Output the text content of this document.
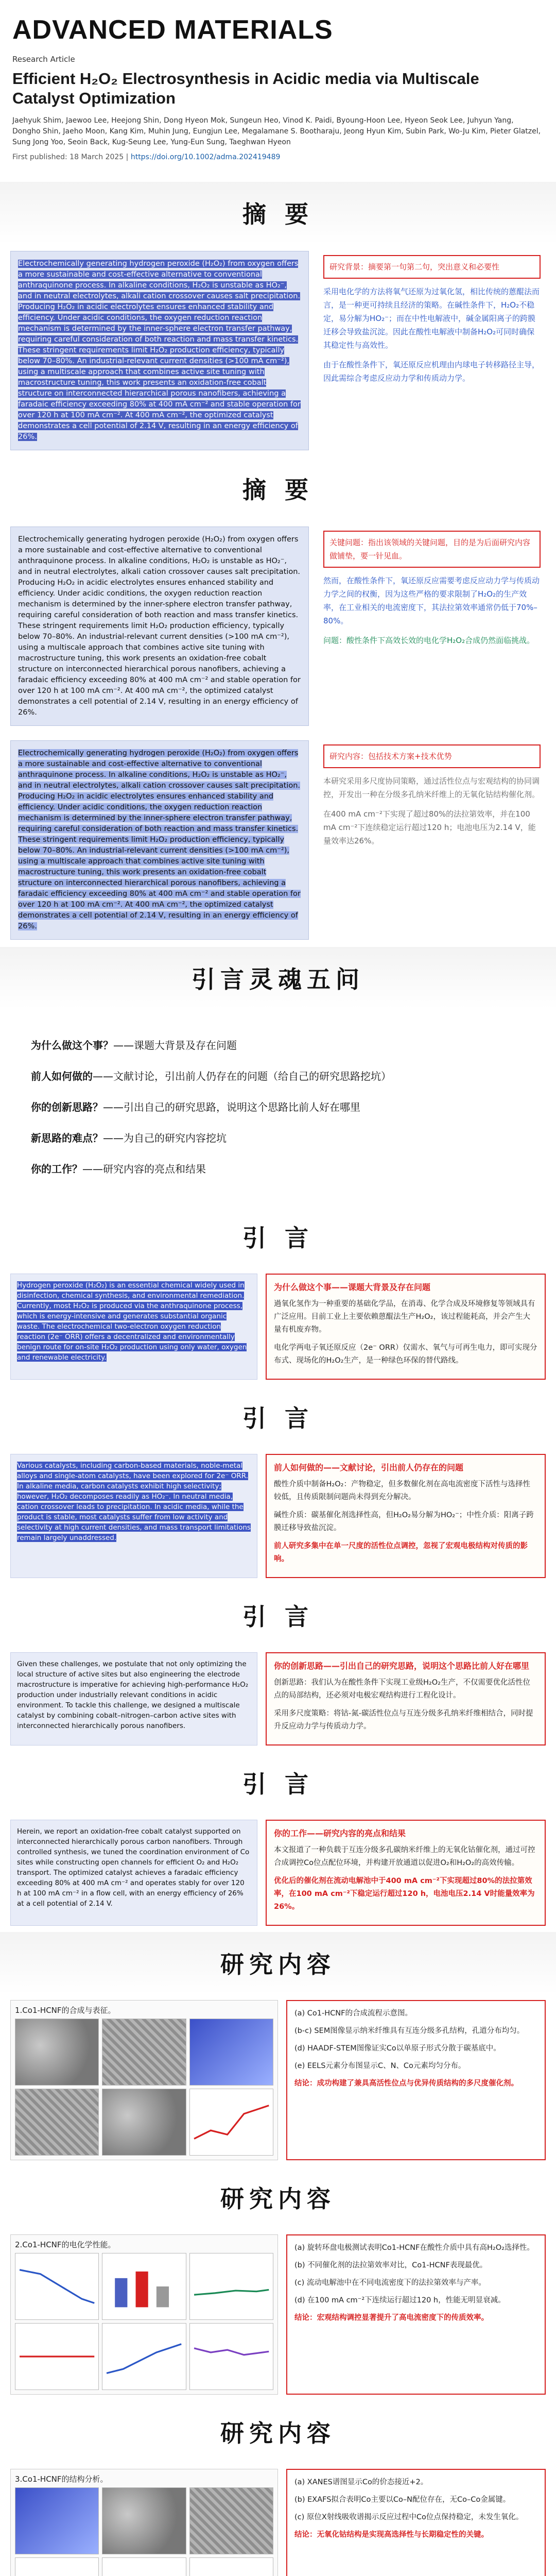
ADVANCED MATERIALS
Research Article
Efficient H₂O₂ Electrosynthesis in Acidic media via Multiscale Catalyst Optimization
Jaehyuk Shim, Jaewoo Lee, Heejong Shin, Dong Hyeon Mok, Sungeun Heo, Vinod K. Paidi, Byoung-Hoon Lee, Hyeon Seok Lee, Juhyun Yang, Dongho Shin, Jaeho Moon, Kang Kim, Muhin Jung, Eungjun Lee, Megalamane S. Bootharaju, Jeong Hyun Kim, Subin Park, Wo-Ju Kim, Pieter Glatzel, Sung Jong Yoo, Seoin Back, Kug-Seung Lee, Yung-Eun Sung, Taeghwan Hyeon
First published: 18 March 2025 | https://doi.org/10.1002/adma.202419489
摘 要
Electrochemically generating hydrogen peroxide (H₂O₂) from oxygen offers a more sustainable and cost-effective alternative to conventional anthraquinone process. In alkaline conditions, H₂O₂ is unstable as HO₂⁻, and in neutral electrolytes, alkali cation crossover causes salt precipitation. Producing H₂O₂ in acidic electrolytes ensures enhanced stability and efficiency. Under acidic conditions, the oxygen reduction reaction mechanism is determined by the inner-sphere electron transfer pathway, requiring careful consideration of both reaction and mass transfer kinetics. These stringent requirements limit H₂O₂ production efficiency, typically below 70–80%. An industrial-relevant current densities (>100 mA cm⁻²), using a multiscale approach that combines active site tuning with macrostructure tuning, this work presents an oxidation-free cobalt structure on interconnected hierarchical porous nanofibers, achieving a faradaic efficiency exceeding 80% at 400 mA cm⁻² and stable operation for over 120 h at 100 mA cm⁻². At 400 mA cm⁻², the optimized catalyst demonstrates a cell potential of 2.14 V, resulting in an energy efficiency of 26%.

研究背景：摘要第一句第二句，突出意义和必要性

采用电化学的方法将氧气还原为过氧化氢，相比传统的蒽醌法而言，是一种更可持续且经济的策略。在碱性条件下，H₂O₂不稳定，易分解为HO₂⁻；而在中性电解液中，碱金属阳离子的跨膜迁移会导致盐沉淀。因此在酸性电解液中制备H₂O₂可同时确保其稳定性与高效性。

由于在酸性条件下，氧还原反应机理由内球电子转移路径主导，因此需综合考虑反应动力学和传质动力学。

摘 要
Electrochemically generating hydrogen peroxide (H₂O₂) from oxygen offers a more sustainable and cost-effective alternative to conventional anthraquinone process. In alkaline conditions, H₂O₂ is unstable as HO₂⁻, and in neutral electrolytes, alkali cation crossover causes salt precipitation. Producing H₂O₂ in acidic electrolytes ensures enhanced stability and efficiency. Under acidic conditions, the oxygen reduction reaction mechanism is determined by the inner-sphere electron transfer pathway, requiring careful consideration of both reaction and mass transfer kinetics. These stringent requirements limit H₂O₂ production efficiency, typically below 70–80%. An industrial-relevant current densities (>100 mA cm⁻²), using a multiscale approach that combines active site tuning with macrostructure tuning, this work presents an oxidation-free cobalt structure on interconnected hierarchical porous nanofibers, achieving a faradaic efficiency exceeding 80% at 400 mA cm⁻² and stable operation for over 120 h at 100 mA cm⁻². At 400 mA cm⁻², the optimized catalyst demonstrates a cell potential of 2.14 V, resulting in an energy efficiency of 26%.

关键问题：指出该领域的关键问题，目的是为后面研究内容做铺垫，要一针见血。

然而，在酸性条件下，氧还原反应需要考虑反应动力学与传质动力学之间的权衡，因为这些严格的要求限制了H₂O₂的生产效率，在工业相关的电流密度下，其法拉第效率通常仍低于70%–80%。

问题：酸性条件下高效长效的电化学H₂O₂合成仍然面临挑战。

Electrochemically generating hydrogen peroxide (H₂O₂) from oxygen offers a more sustainable and cost-effective alternative to conventional anthraquinone process. In alkaline conditions, H₂O₂ is unstable as HO₂⁻, and in neutral electrolytes, alkali cation crossover causes salt precipitation. Producing H₂O₂ in acidic electrolytes ensures enhanced stability and efficiency. Under acidic conditions, the oxygen reduction reaction mechanism is determined by the inner-sphere electron transfer pathway, requiring careful consideration of both reaction and mass transfer kinetics. These stringent requirements limit H₂O₂ production efficiency, typically below 70–80%. An industrial-relevant current densities (>100 mA cm⁻²), using a multiscale approach that combines active site tuning with macrostructure tuning, this work presents an oxidation-free cobalt structure on interconnected hierarchical porous nanofibers, achieving a faradaic efficiency exceeding 80% at 400 mA cm⁻² and stable operation for over 120 h at 100 mA cm⁻². At 400 mA cm⁻², the optimized catalyst demonstrates a cell potential of 2.14 V, resulting in an energy efficiency of 26%.

研究内容：包括技术方案+技术优势

本研究采用多尺度协同策略，通过活性位点与宏观结构的协同调控，开发出一种在分级多孔纳米纤维上的无氧化钴结构催化剂。

在400 mA cm⁻²下实现了超过80%的法拉第效率，并在100 mA cm⁻²下连续稳定运行超过120 h；电池电压为2.14 V，能量效率达26%。

引言灵魂五问

为什么做这个事？——课题大背景及存在问题

前人如何做的——文献讨论，引出前人仍存在的问题（给自己的研究思路挖坑）

你的创新思路？——引出自己的研究思路，说明这个思路比前人好在哪里

新思路的难点？——为自己的研究内容挖坑

你的工作？——研究内容的亮点和结果

引 言
Hydrogen peroxide (H₂O₂) is an essential chemical widely used in disinfection, chemical synthesis, and environmental remediation. Currently, most H₂O₂ is produced via the anthraquinone process, which is energy-intensive and generates substantial organic waste. The electrochemical two-electron oxygen reduction reaction (2e⁻ ORR) offers a decentralized and environmentally benign route for on-site H₂O₂ production using only water, oxygen and renewable electricity.
为什么做这个事——课题大背景及存在问题

過氧化氢作为一种重要的基础化学品，在消毒、化学合成及环境修复等领域具有广泛应用。目前工业上主要依赖蒽醌法生产H₂O₂，该过程能耗高，并会产生大量有机废弃物。

电化学两电子氧还原反应（2e⁻ ORR）仅需水、氧气与可再生电力，即可实现分布式、现场化的H₂O₂生产，是一种绿色环保的替代路线。

引 言
Various catalysts, including carbon-based materials, noble-metal alloys and single-atom catalysts, have been explored for 2e⁻ ORR. In alkaline media, carbon catalysts exhibit high selectivity; however, H₂O₂ decomposes readily as HO₂⁻. In neutral media, cation crossover leads to precipitation. In acidic media, while the product is stable, most catalysts suffer from low activity and selectivity at high current densities, and mass transport limitations remain largely unaddressed.
前人如何做的——文献讨论，引出前人仍存在的问题

酸性介质中制备H₂O₂：产物稳定，但多数催化剂在高电流密度下活性与选择性较低，且传质限制问题尚未得到充分解决。

碱性介质：碳基催化剂选择性高，但H₂O₂易分解为HO₂⁻；中性介质：阳离子跨膜迁移导致盐沉淀。

前人研究多集中在单一尺度的活性位点调控，忽视了宏观电极结构对传质的影响。

引 言
Given these challenges, we postulate that not only optimizing the local structure of active sites but also engineering the electrode macrostructure is imperative for achieving high-performance H₂O₂ production under industrially relevant conditions in acidic environment. To tackle this challenge, we designed a multiscale catalyst by combining cobalt–nitrogen–carbon active sites with interconnected hierarchically porous nanofibers.
你的创新思路——引出自己的研究思路，说明这个思路比前人好在哪里

创新思路：我们认为在酸性条件下实现工业级H₂O₂生产，不仅需要优化活性位点的局部结构，还必须对电极宏观结构进行工程化设计。

采用多尺度策略：将钴-氮-碳活性位点与互连分级多孔纳米纤维相结合，同时提升反应动力学与传质动力学。

引 言
Herein, we report an oxidation-free cobalt catalyst supported on interconnected hierarchically porous carbon nanofibers. Through controlled synthesis, we tuned the coordination environment of Co sites while constructing open channels for efficient O₂ and H₂O₂ transport. The optimized catalyst achieves a faradaic efficiency exceeding 80% at 400 mA cm⁻² and operates stably for over 120 h at 100 mA cm⁻² in a flow cell, with an energy efficiency of 26% at a cell potential of 2.14 V.
你的工作——研究内容的亮点和结果

本文报道了一种负载于互连分级多孔碳纳米纤维上的无氧化钴催化剂，通过可控合成调控Co位点配位环境，并构建开放通道以促进O₂和H₂O₂的高效传输。

优化后的催化剂在流动电解池中于400 mA cm⁻²下实现超过80%的法拉第效率，在100 mA cm⁻²下稳定运行超过120 h，电池电压2.14 V时能量效率为26%。

研究内容
1.Co1-HCNF的合成与表征。	(a) Co1-HCNF的合成流程示意图。

(b-c) SEM图像显示纳米纤维具有互连分级多孔结构，孔道分布均匀。

(d) HAADF-STEM图像证实Co以单原子形式分散于碳基底中。

(e) EELS元素分布图显示C、N、Co元素均匀分布。

结论：成功构建了兼具高活性位点与优异传质结构的多尺度催化剂。

研究内容
2.Co1-HCNF的电化学性能。	(a) 旋转环盘电极测试表明Co1-HCNF在酸性介质中具有高H₂O₂选择性。

(b) 不同催化剂的法拉第效率对比，Co1-HCNF表现最优。

(c) 流动电解池中在不同电流密度下的法拉第效率与产率。

(d) 在100 mA cm⁻²下连续运行超过120 h，性能无明显衰减。

结论：宏观结构调控显著提升了高电流密度下的传质效率。

研究内容
3.Co1-HCNF的结构分析。	(a) XANES谱图显示Co的价态接近+2。

(b) EXAFS拟合表明Co主要以Co–N配位存在，无Co–Co金属键。

(c) 原位X射线吸收谱揭示反应过程中Co位点保持稳定，未发生氧化。

结论：无氧化钴结构是实现高选择性与长期稳定性的关键。
